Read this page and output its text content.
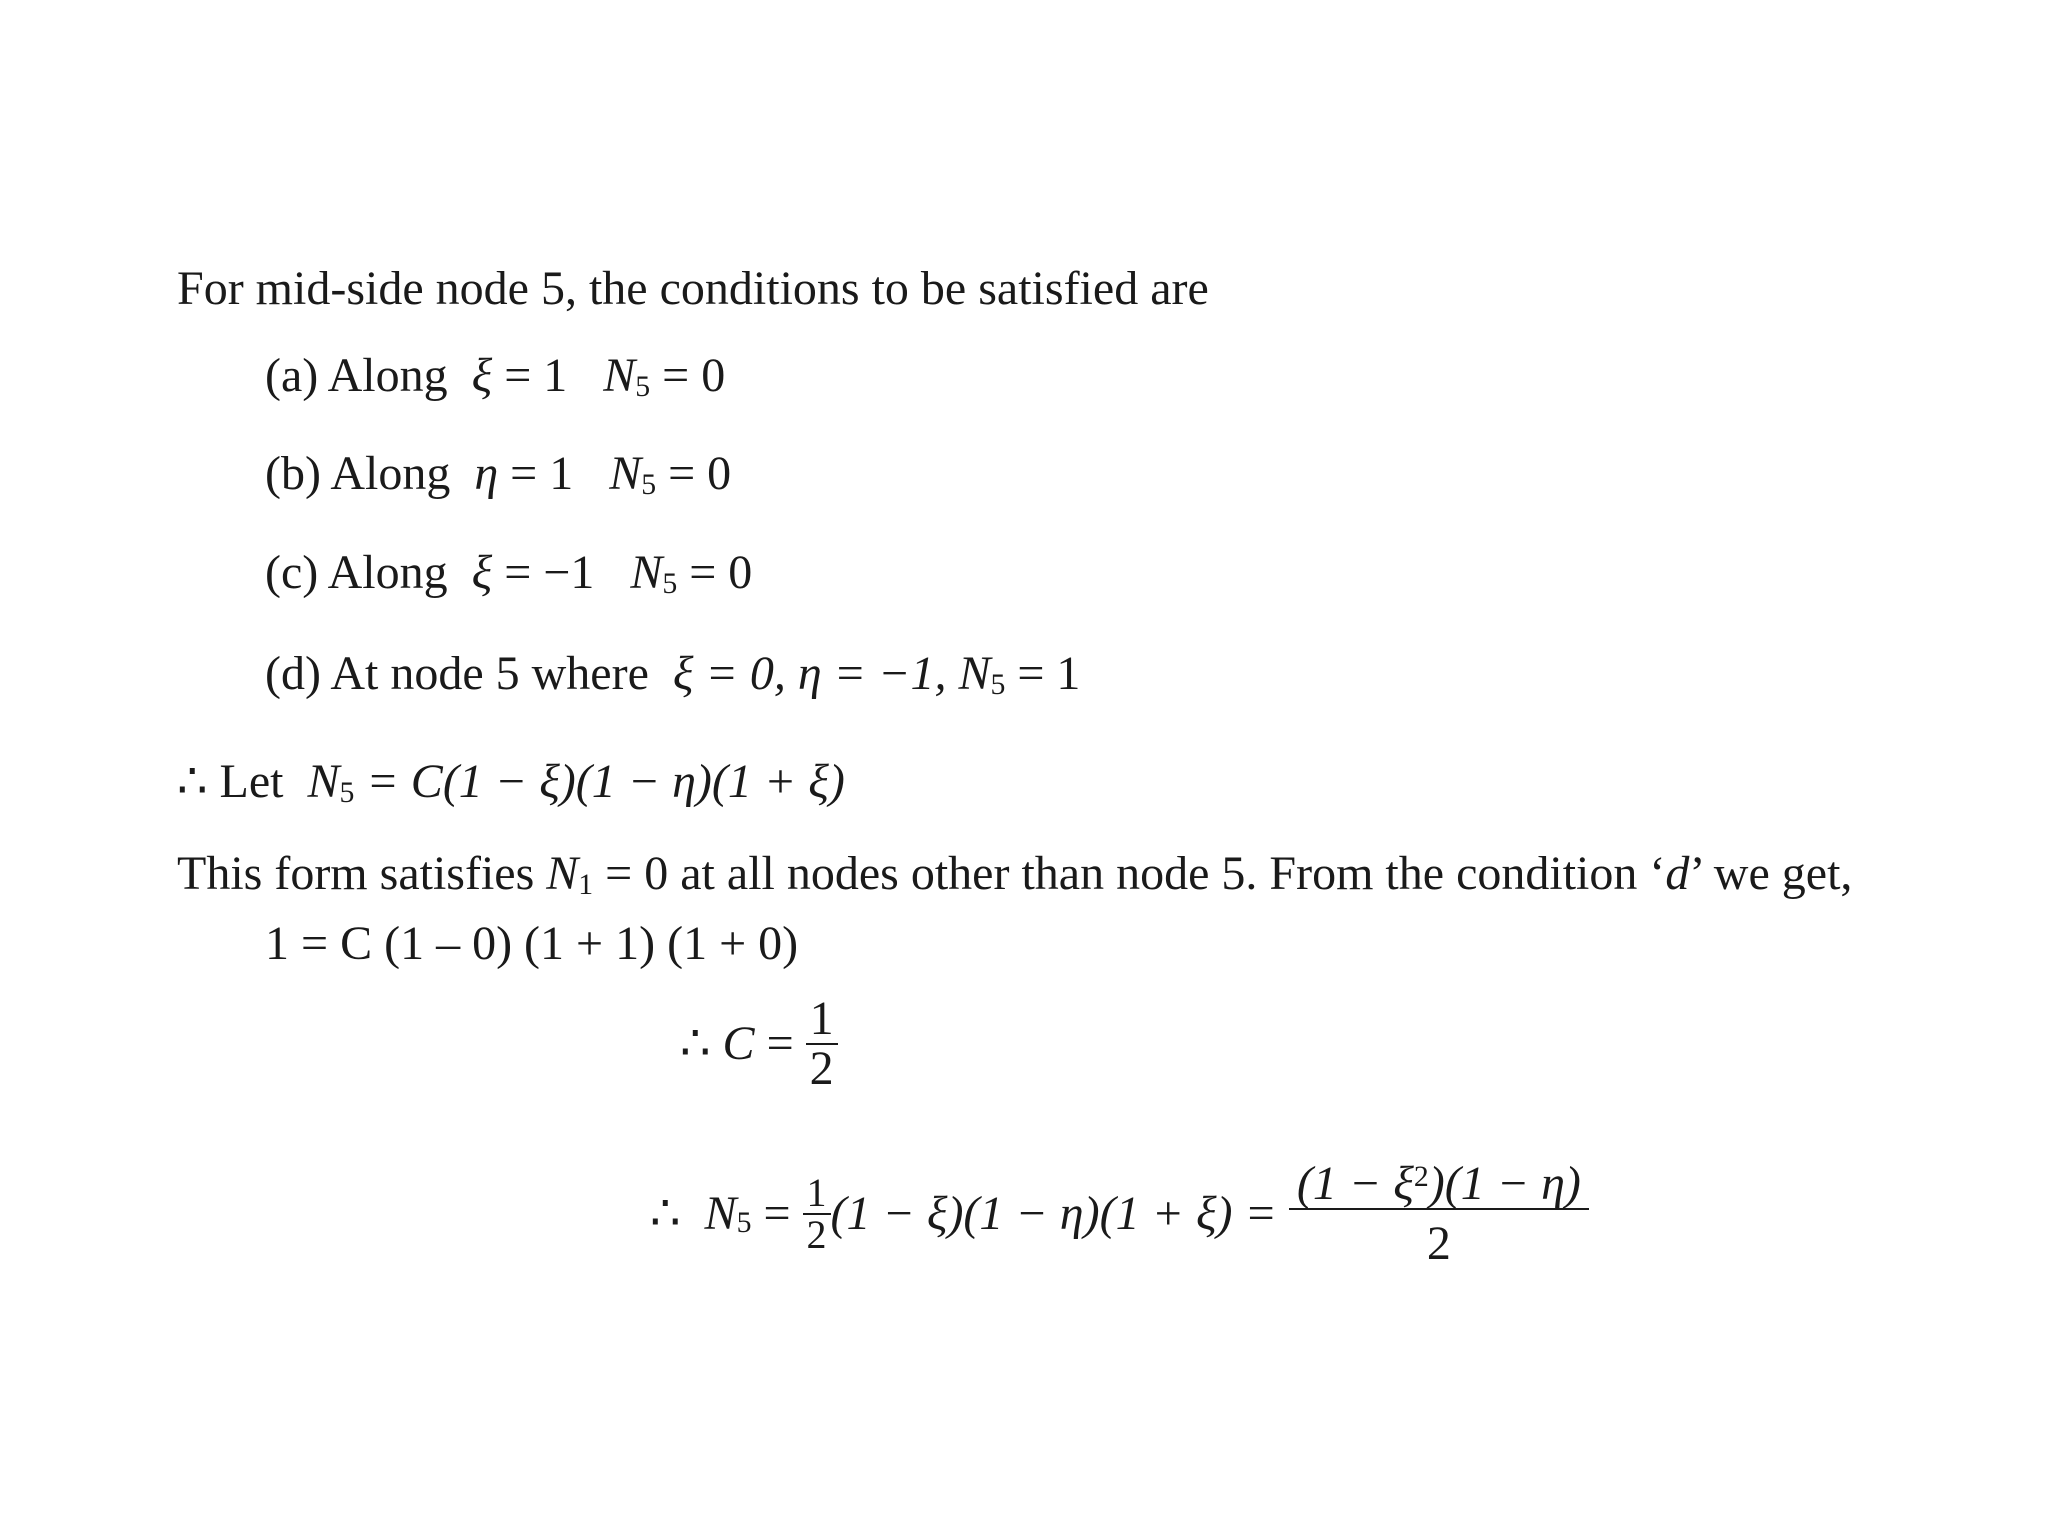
For mid-side node 5, the conditions to be satisfied are
(a) Along ξ = 1 $N_5 = 0$
(b) Along η = 1 $N_5 = 0$
(c) Along ξ = −1 $N_5 = 0$
(d) At node 5 where ξ = 0, η = −1, $N_5 = 1$
∴ Let $N_5 = C(1 - \xi)(1 - \eta)(1 + \xi)$
This form satisfies $N_1 = 0$ at all nodes other than node 5. From the condition ‘d’ we get,
1 = C (1 – 0) (1 + 1) (1 + 0)
∴
$C = \frac{1}{2}$
∴
$N_5 = \frac{1}{2} (1 - \xi)(1 - \eta)(1 + \xi) = \frac{(1 - \xi^2)(1 - \eta)}{2}$
